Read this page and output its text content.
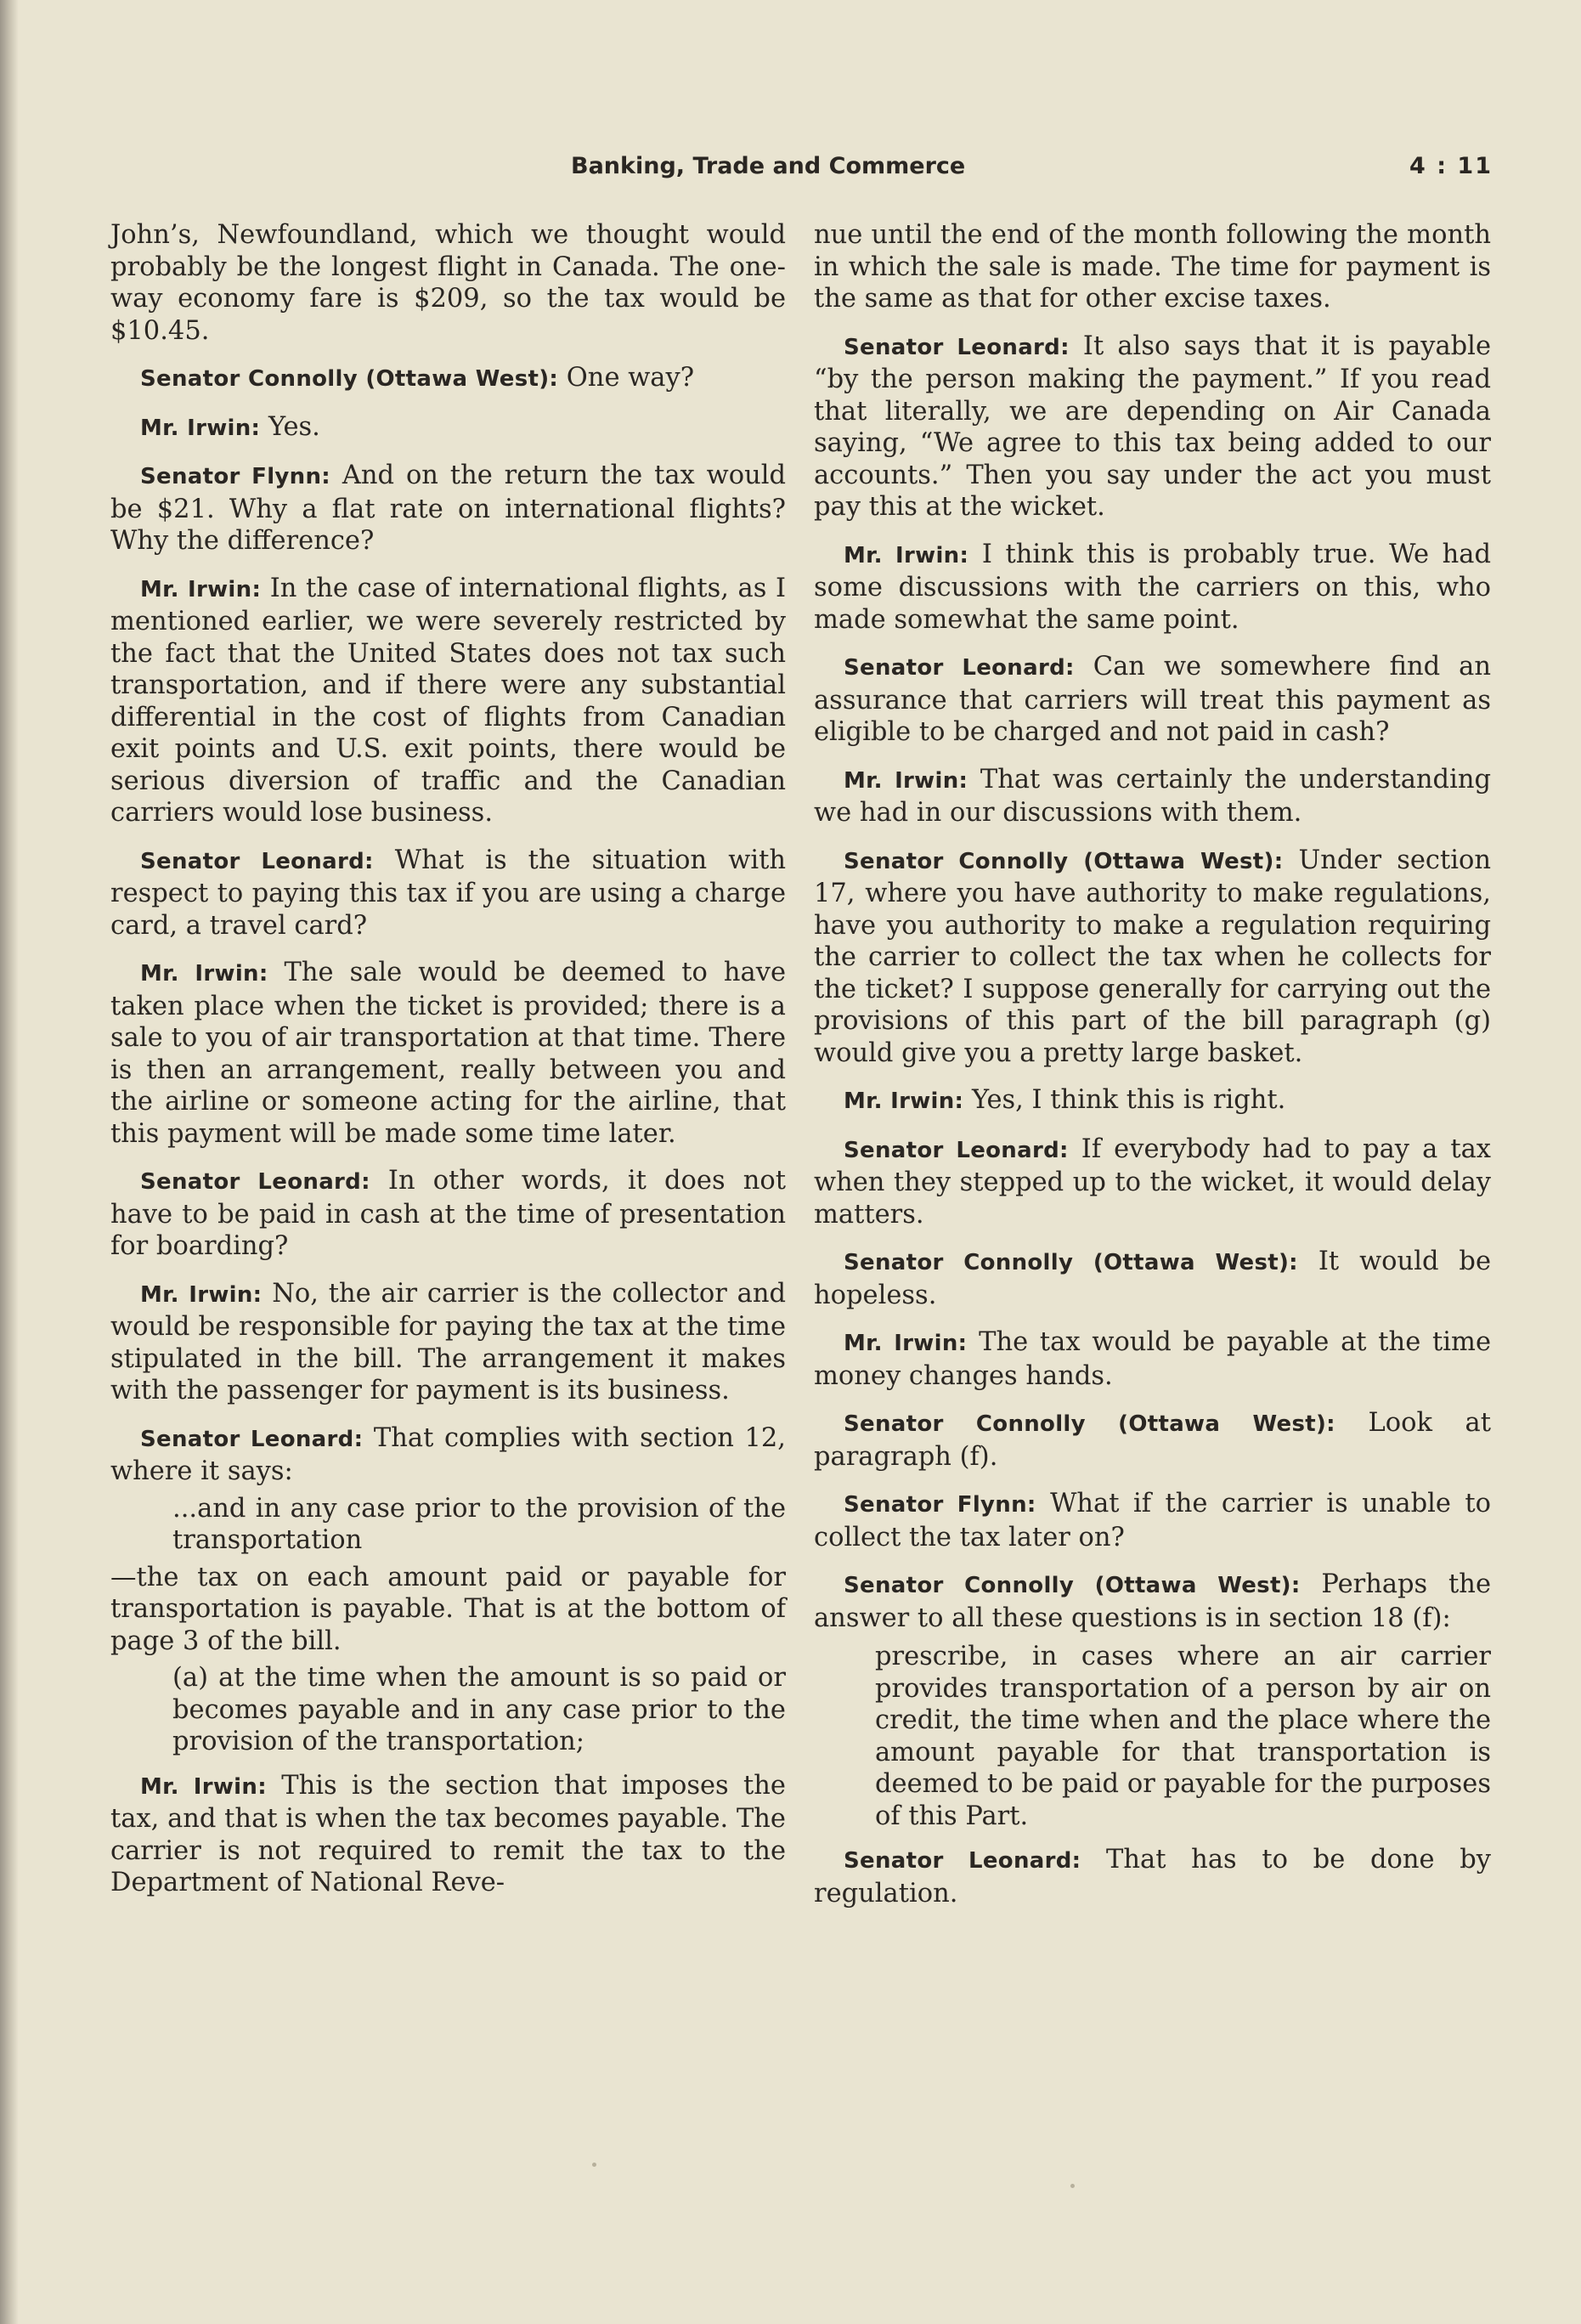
Banking, Trade and Commerce	4 : 11

John’s, Newfoundland, which we thought would probably be the longest flight in Canada. The one-way economy fare is $209, so the tax would be $10.45.

Senator Connolly (Ottawa West): One way?

Mr. Irwin: Yes.

Senator Flynn: And on the return the tax would be $21. Why a flat rate on international flights? Why the difference?

Mr. Irwin: In the case of international flights, as I mentioned earlier, we were severely restricted by the fact that the United States does not tax such transportation, and if there were any substantial differential in the cost of flights from Canadian exit points and U.S. exit points, there would be serious diversion of traffic and the Canadian carriers would lose business.

Senator Leonard: What is the situation with respect to paying this tax if you are using a charge card, a travel card?

Mr. Irwin: The sale would be deemed to have taken place when the ticket is provided; there is a sale to you of air transportation at that time. There is then an arrangement, really between you and the airline or someone acting for the airline, that this payment will be made some time later.

Senator Leonard: In other words, it does not have to be paid in cash at the time of presentation for boarding?

Mr. Irwin: No, the air carrier is the collector and would be responsible for paying the tax at the time stipulated in the bill. The arrangement it makes with the passenger for payment is its business.

Senator Leonard: That complies with section 12, where it says:

...and in any case prior to the provision of the transportation

—the tax on each amount paid or payable for transportation is payable. That is at the bottom of page 3 of the bill.

(a) at the time when the amount is so paid or becomes payable and in any case prior to the provision of the transportation;

Mr. Irwin: This is the section that imposes the tax, and that is when the tax becomes payable. The carrier is not required to remit the tax to the Department of National Reve-

nue until the end of the month following the month in which the sale is made. The time for payment is the same as that for other excise taxes.

Senator Leonard: It also says that it is payable “by the person making the payment.” If you read that literally, we are depending on Air Canada saying, “We agree to this tax being added to our accounts.” Then you say under the act you must pay this at the wicket.

Mr. Irwin: I think this is probably true. We had some discussions with the carriers on this, who made somewhat the same point.

Senator Leonard: Can we somewhere find an assurance that carriers will treat this payment as eligible to be charged and not paid in cash?

Mr. Irwin: That was certainly the understanding we had in our discussions with them.

Senator Connolly (Ottawa West): Under section 17, where you have authority to make regulations, have you authority to make a regulation requiring the carrier to collect the tax when he collects for the ticket? I suppose generally for carrying out the provisions of this part of the bill paragraph (g) would give you a pretty large basket.

Mr. Irwin: Yes, I think this is right.

Senator Leonard: If everybody had to pay a tax when they stepped up to the wicket, it would delay matters.

Senator Connolly (Ottawa West): It would be hopeless.

Mr. Irwin: The tax would be payable at the time money changes hands.

Senator Connolly (Ottawa West): Look at paragraph (f).

Senator Flynn: What if the carrier is unable to collect the tax later on?

Senator Connolly (Ottawa West): Perhaps the answer to all these questions is in section 18 (f):

prescribe, in cases where an air carrier provides transportation of a person by air on credit, the time when and the place where the amount payable for that transportation is deemed to be paid or payable for the purposes of this Part.

Senator Leonard: That has to be done by regulation.
